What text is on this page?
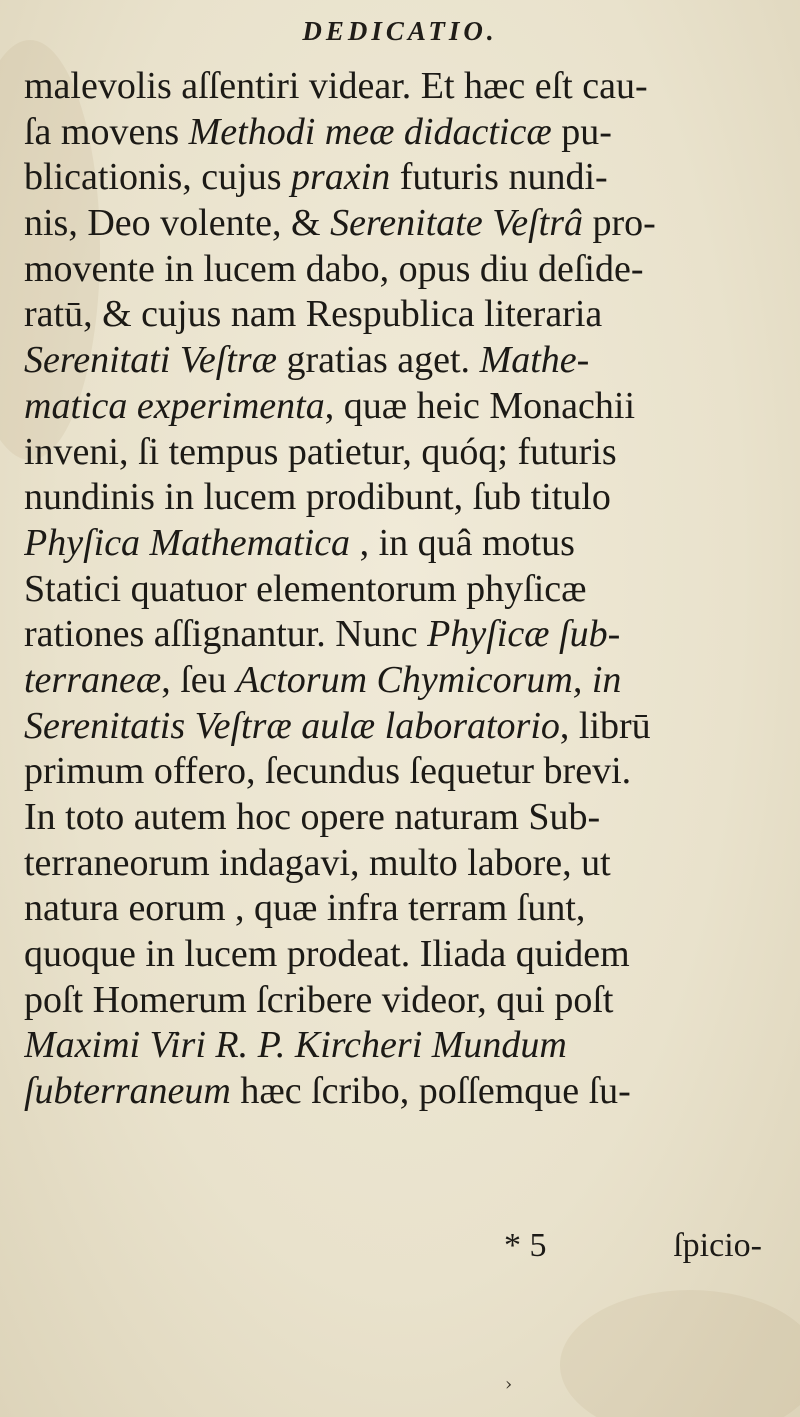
DEDICATIO.
malevolis aſſentiri videar. Et hæc eſt cau-
ſa movens Methodi meæ didacticæ pu-
blicationis, cujus praxin futuris nundi-
nis, Deo volente, & Serenitate Veſtrâ pro-
movente in lucem dabo, opus diu deſide-
ratū, & cujus nam Respublica literaria
Serenitati Veſtræ gratias aget. Mathe-
matica experimenta, quæ heic Monachii
inveni, ſi tempus patietur, quóq; futuris
nundinis in lucem prodibunt, ſub titulo
Phyſica Mathematica , in quâ motus
Statici quatuor elementorum phyſicæ
rationes aſſignantur. Nunc Phyſicæ ſub-
terraneæ, ſeu Actorum Chymicorum, in
Serenitatis Veſtræ aulæ laboratorio, librū
primum offero, ſecundus ſequetur brevi.
In toto autem hoc opere naturam Sub-
terraneorum indagavi, multo labore, ut
natura eorum , quæ infra terram ſunt,
quoque in lucem prodeat. Iliada quidem
poſt Homerum ſcribere videor, qui poſt
Maximi Viri R. P. Kircheri Mundum
ſubterraneum hæc ſcribo, poſſemque ſu-
* 5	ſpicio-
›
